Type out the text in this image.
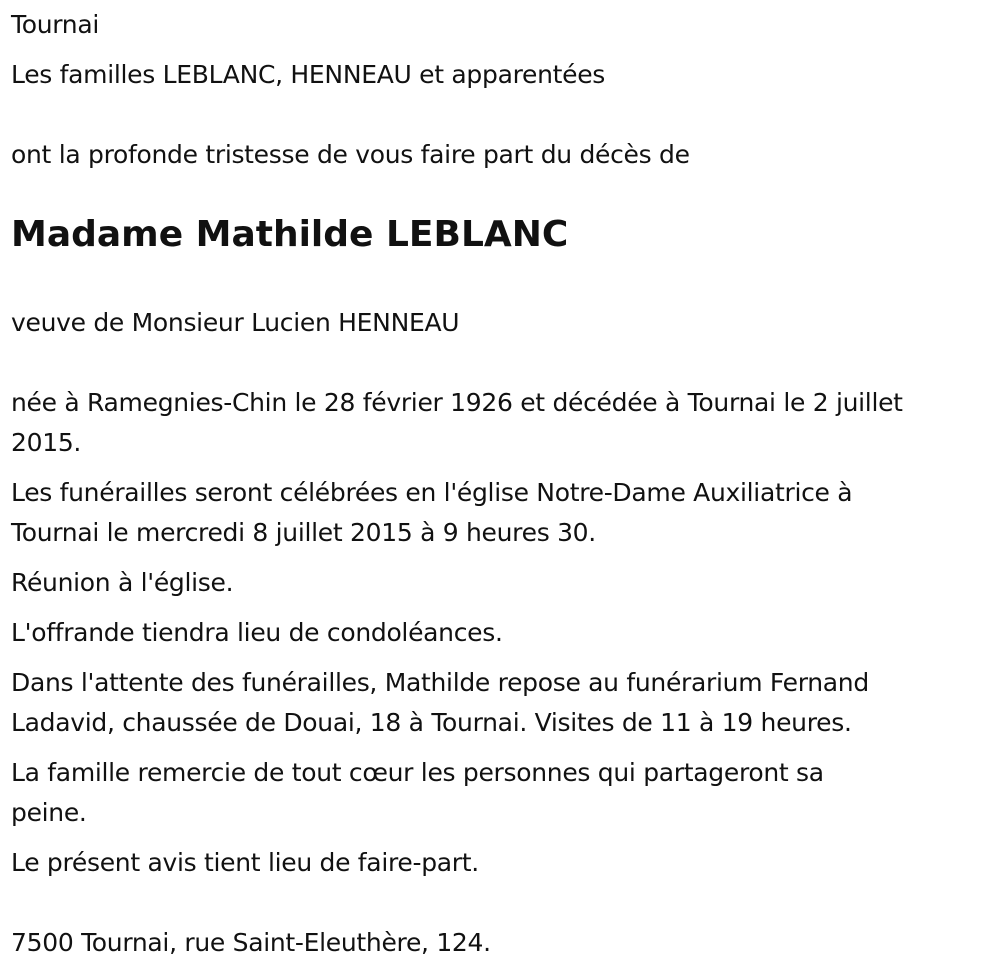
Tournai

Les familles LEBLANC, HENNEAU et apparentées

ont la profonde tristesse de vous faire part du décès de

Madame Mathilde LEBLANC

veuve de Monsieur Lucien HENNEAU

née à Ramegnies-Chin le 28 février 1926 et décédée à Tournai le 2 juillet

2015.

Les funérailles seront célébrées en l'église Notre-Dame Auxiliatrice à

Tournai le mercredi 8 juillet 2015 à 9 heures 30.

Réunion à l'église.

L'offrande tiendra lieu de condoléances.

Dans l'attente des funérailles, Mathilde repose au funérarium Fernand

Ladavid, chaussée de Douai, 18 à Tournai. Visites de 11 à 19 heures.

La famille remercie de tout cœur les personnes qui partageront sa

peine.

Le présent avis tient lieu de faire-part.

7500 Tournai, rue Saint-Eleuthère, 124.
